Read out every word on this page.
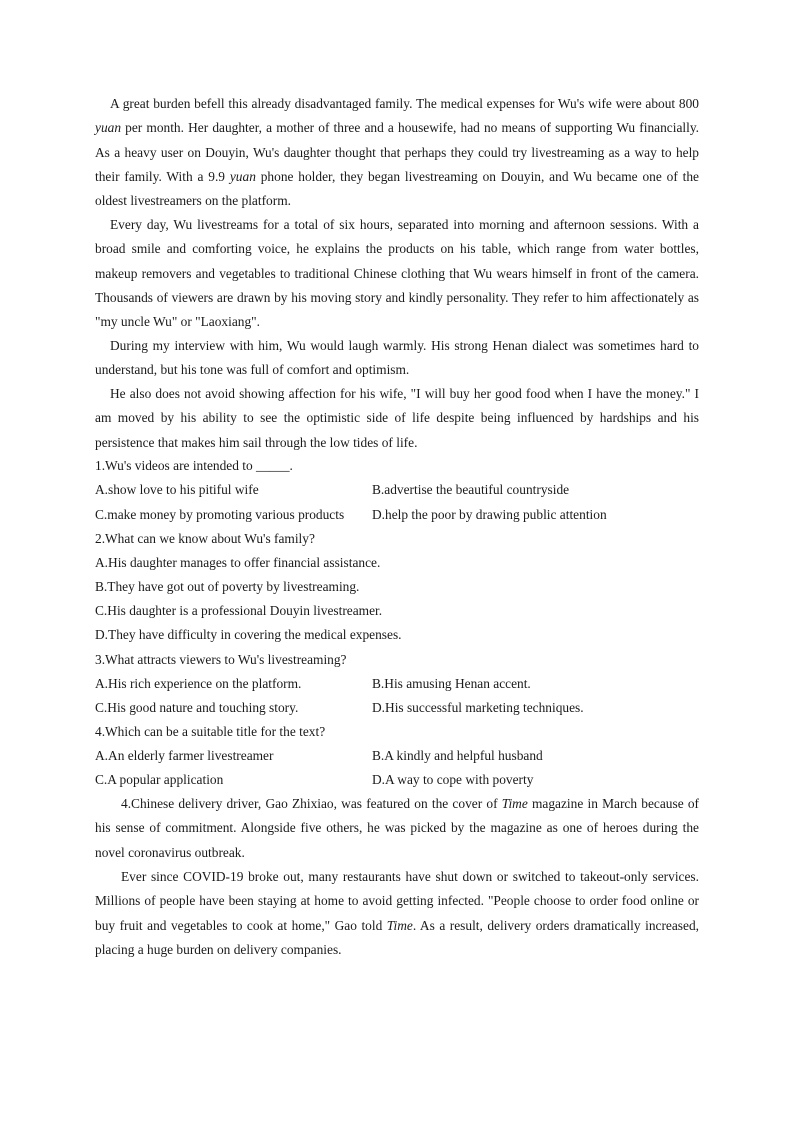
A great burden befell this already disadvantaged family. The medical expenses for Wu's wife were about 800 yuan per month. Her daughter, a mother of three and a housewife, had no means of supporting Wu financially. As a heavy user on Douyin, Wu's daughter thought that perhaps they could try livestreaming as a way to help their family. With a 9.9 yuan phone holder, they began livestreaming on Douyin, and Wu became one of the oldest livestreamers on the platform.

Every day, Wu livestreams for a total of six hours, separated into morning and afternoon sessions. With a broad smile and comforting voice, he explains the products on his table, which range from water bottles, makeup removers and vegetables to traditional Chinese clothing that Wu wears himself in front of the camera. Thousands of viewers are drawn by his moving story and kindly personality. They refer to him affectionately as "my uncle Wu" or "Laoxiang".

During my interview with him, Wu would laugh warmly. His strong Henan dialect was sometimes hard to understand, but his tone was full of comfort and optimism.

He also does not avoid showing affection for his wife, "I will buy her good food when I have the money." I am moved by his ability to see the optimistic side of life despite being influenced by hardships and his persistence that makes him sail through the low tides of life.

1.Wu's videos are intended to _____.
A.show love to his pitiful wife	B.advertise the beautiful countryside
C.make money by promoting various products D.help the poor by drawing public attention
2.What can we know about Wu's family?
A.His daughter manages to offer financial assistance.
B.They have got out of poverty by livestreaming.
C.His daughter is a professional Douyin livestreamer.
D.They have difficulty in covering the medical expenses.
3.What attracts viewers to Wu's livestreaming?
A.His rich experience on the platform.	B.His amusing Henan accent.
C.His good nature and touching story.	D.His successful marketing techniques.
4.Which can be a suitable title for the text?
A.An elderly farmer livestreamer	B.A kindly and helpful husband
C.A popular application	D.A way to cope with poverty

4.Chinese delivery driver, Gao Zhixiao, was featured on the cover of Time magazine in March because of his sense of commitment. Alongside five others, he was picked by the magazine as one of heroes during the novel coronavirus outbreak.

Ever since COVID-19 broke out, many restaurants have shut down or switched to takeout-only services. Millions of people have been staying at home to avoid getting infected. "People choose to order food online or buy fruit and vegetables to cook at home," Gao told Time. As a result, delivery orders dramatically increased, placing a huge burden on delivery companies.
